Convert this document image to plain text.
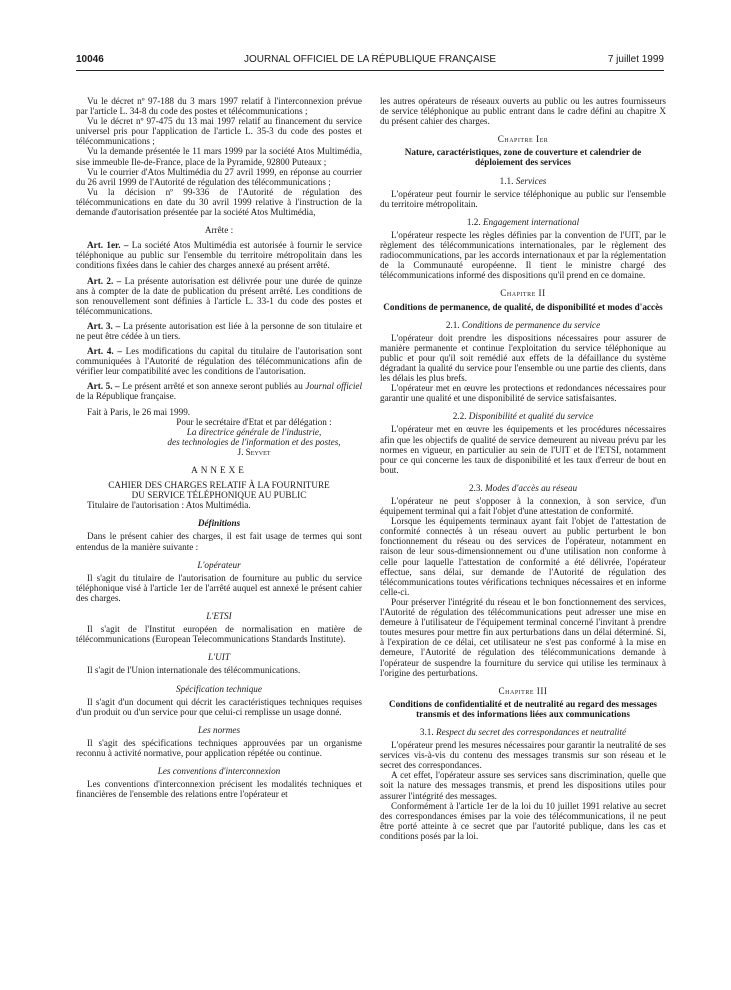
10046	JOURNAL OFFICIEL DE LA RÉPUBLIQUE FRANÇAISE	7 juillet 1999

Vu le décret nº 97-188 du 3 mars 1997 relatif à l'interconnexion prévue par l'article L. 34-8 du code des postes et télécommunications ;

Vu le décret nº 97-475 du 13 mai 1997 relatif au financement du service universel pris pour l'application de l'article L. 35-3 du code des postes et télécommunications ;

Vu la demande présentée le 11 mars 1999 par la société Atos Multimédia, sise immeuble Ile-de-France, place de la Pyramide, 92800 Puteaux ;

Vu le courrier d'Atos Multimédia du 27 avril 1999, en réponse au courrier du 26 avril 1999 de l'Autorité de régulation des télécommunications ;

Vu la décision nº 99-336 de l'Autorité de régulation des télécommunications en date du 30 avril 1999 relative à l'instruction de la demande d'autorisation présentée par la société Atos Multimédia,

Arrête :

Art. 1er. – La société Atos Multimédia est autorisée à fournir le service téléphonique au public sur l'ensemble du territoire métropolitain dans les conditions fixées dans le cahier des charges annexé au présent arrêté.

Art. 2. – La présente autorisation est délivrée pour une durée de quinze ans à compter de la date de publication du présent arrêté. Les conditions de son renouvellement sont définies à l'article L. 33-1 du code des postes et télécommunications.

Art. 3. – La présente autorisation est liée à la personne de son titulaire et ne peut être cédée à un tiers.

Art. 4. – Les modifications du capital du titulaire de l'autorisation sont communiquées à l'Autorité de régulation des télécommunications afin de vérifier leur compatibilité avec les conditions de l'autorisation.

Art. 5. – Le présent arrêté et son annexe seront publiés au Journal officiel de la République française.

Fait à Paris, le 26 mai 1999.

Pour le secrétaire d'Etat et par délégation :

La directrice générale de l'industrie,

des technologies de l'information et des postes,

J. Seyvet

ANNEXE

CAHIER DES CHARGES RELATIF À LA FOURNITURE

DU SERVICE TÉLÉPHONIQUE AU PUBLIC

Titulaire de l'autorisation : Atos Multimédia.

Définitions

Dans le présent cahier des charges, il est fait usage de termes qui sont entendus de la manière suivante :

L'opérateur

Il s'agit du titulaire de l'autorisation de fourniture au public du service téléphonique visé à l'article 1er de l'arrêté auquel est annexé le présent cahier des charges.

L'ETSI

Il s'agit de l'Institut européen de normalisation en matière de télécommunications (European Telecommunications Standards Institute).

L'UIT

Il s'agit de l'Union internationale des télécommunications.

Spécification technique

Il s'agit d'un document qui décrit les caractéristiques techniques requises d'un produit ou d'un service pour que celui-ci remplisse un usage donné.

Les normes

Il s'agit des spécifications techniques approuvées par un organisme reconnu à activité normative, pour application répétée ou continue.

Les conventions d'interconnexion

Les conventions d'interconnexion précisent les modalités techniques et financières de l'ensemble des relations entre l'opérateur et

les autres opérateurs de réseaux ouverts au public ou les autres fournisseurs de service téléphonique au public entrant dans le cadre défini au chapitre X du présent cahier des charges.

Chapitre Ier

Nature, caractéristiques, zone de couverture et calendrier de déploiement des services

1.1. Services

L'opérateur peut fournir le service téléphonique au public sur l'ensemble du territoire métropolitain.

1.2. Engagement international

L'opérateur respecte les règles définies par la convention de l'UIT, par le règlement des télécommunications internationales, par le règlement des radiocommunications, par les accords internationaux et par la réglementation de la Communauté européenne. Il tient le ministre chargé des télécommunications informé des dispositions qu'il prend en ce domaine.

Chapitre II

Conditions de permanence, de qualité, de disponibilité et modes d'accès

2.1. Conditions de permanence du service

L'opérateur doit prendre les dispositions nécessaires pour assurer de manière permanente et continue l'exploitation du service téléphonique au public et pour qu'il soit remédié aux effets de la défaillance du système dégradant la qualité du service pour l'ensemble ou une partie des clients, dans les délais les plus brefs.

L'opérateur met en œuvre les protections et redondances nécessaires pour garantir une qualité et une disponibilité de service satisfaisantes.

2.2. Disponibilité et qualité du service

L'opérateur met en œuvre les équipements et les procédures nécessaires afin que les objectifs de qualité de service demeurent au niveau prévu par les normes en vigueur, en particulier au sein de l'UIT et de l'ETSI, notamment pour ce qui concerne les taux de disponibilité et les taux d'erreur de bout en bout.

2.3. Modes d'accès au réseau

L'opérateur ne peut s'opposer à la connexion, à son service, d'un équipement terminal qui a fait l'objet d'une attestation de conformité.

Lorsque les équipements terminaux ayant fait l'objet de l'attestation de conformité connectés à un réseau ouvert au public perturbent le bon fonctionnement du réseau ou des services de l'opérateur, notamment en raison de leur sous-dimensionnement ou d'une utilisation non conforme à celle pour laquelle l'attestation de conformité a été délivrée, l'opérateur effectue, sans délai, sur demande de l'Autorité de régulation des télécommunications toutes vérifications techniques nécessaires et en informe celle-ci.

Pour préserver l'intégrité du réseau et le bon fonctionnement des services, l'Autorité de régulation des télécommunications peut adresser une mise en demeure à l'utilisateur de l'équipement terminal concerné l'invitant à prendre toutes mesures pour mettre fin aux perturbations dans un délai déterminé. Si, à l'expiration de ce délai, cet utilisateur ne s'est pas conformé à la mise en demeure, l'Autorité de régulation des télécommunications demande à l'opérateur de suspendre la fourniture du service qui utilise les terminaux à l'origine des perturbations.

Chapitre III

Conditions de confidentialité et de neutralité au regard des messages transmis et des informations liées aux communications

3.1. Respect du secret des correspondances et neutralité

L'opérateur prend les mesures nécessaires pour garantir la neutralité de ses services vis-à-vis du contenu des messages transmis sur son réseau et le secret des correspondances.

A cet effet, l'opérateur assure ses services sans discrimination, quelle que soit la nature des messages transmis, et prend les dispositions utiles pour assurer l'intégrité des messages.

Conformément à l'article 1er de la loi du 10 juillet 1991 relative au secret des correspondances émises par la voie des télécommunications, il ne peut être porté atteinte à ce secret que par l'autorité publique, dans les cas et conditions posés par la loi.
